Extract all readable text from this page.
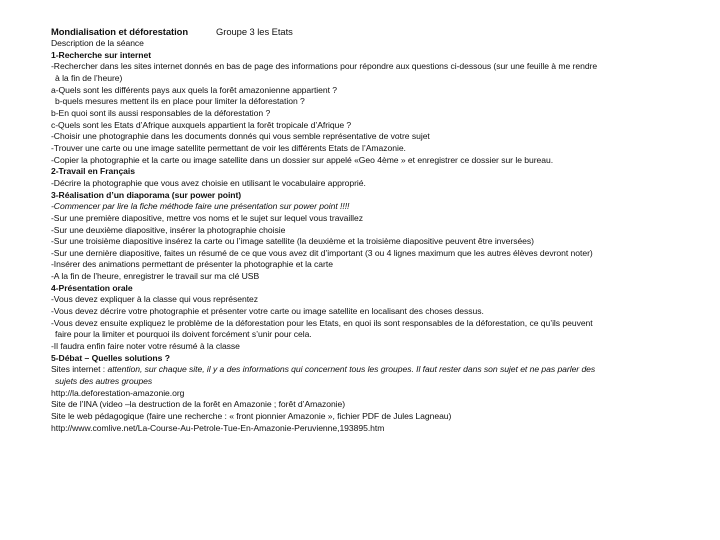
Mondialisation et déforestation	Groupe 3 les Etats
Description de la séance
1-Recherche sur internet
-Rechercher dans les sites internet donnés en bas de page des informations pour répondre aux questions ci-dessous (sur une feuille à me rendre
à la fin de l’heure)
a-Quels sont les différents pays aux quels la forêt amazonienne appartient ?
b-quels mesures mettent ils en place pour limiter la déforestation ?
b-En quoi sont ils aussi responsables de la déforestation ?
c-Quels sont les Etats d’Afrique auxquels appartient la forêt tropicale d’Afrique ?
-Choisir une photographie dans les documents donnés qui vous semble représentative de votre sujet
-Trouver une carte ou une image satellite permettant de voir les différents Etats de l’Amazonie.
-Copier la photographie et la carte ou image satellite dans un dossier sur appelé «Geo 4ème » et enregistrer ce dossier sur le bureau.
2-Travail en Français
-Décrire la photographie que vous avez choisie en utilisant le vocabulaire approprié.
3-Réalisation d’un diaporama (sur power point)
-Commencer par lire la fiche méthode faire une présentation sur power point !!!!
-Sur une première diapositive, mettre vos noms et le sujet sur lequel vous travaillez
-Sur une deuxième diapositive, insérer la photographie choisie
-Sur une troisième diapositive insérez la carte ou l’image satellite (la deuxième et la troisième diapositive peuvent être inversées)
-Sur une dernière diapositive, faites un résumé de ce que vous avez dit d’important (3 ou 4 lignes maximum que les autres élèves devront noter)
-Insérer des animations permettant de présenter la photographie et la carte
-A la fin de l’heure, enregistrer le travail sur ma clé USB
4-Présentation orale
-Vous devez expliquer à la classe qui vous représentez
-Vous devez décrire votre photographie et présenter votre carte ou image satellite en localisant des choses dessus.
-Vous devez ensuite expliquez le problème de la déforestation pour les Etats, en quoi ils sont responsables de la déforestation, ce qu’ils peuvent
faire pour la limiter et pourquoi ils doivent forcément s’unir pour cela.
-Il faudra enfin faire noter votre résumé à la classe
5-Débat – Quelles solutions ?
Sites internet : attention, sur chaque site, il y a des informations qui concernent tous les groupes. Il faut rester dans son sujet et ne pas parler des
sujets des autres groupes
http://la.deforestation-amazonie.org
Site de l’INA (video –la destruction de la forêt en Amazonie ; forêt d’Amazonie)
Site le web pédagogique (faire une recherche : « front pionnier Amazonie », fichier PDF de Jules Lagneau)
http://www.comlive.net/La-Course-Au-Petrole-Tue-En-Amazonie-Peruvienne,193895.htm
